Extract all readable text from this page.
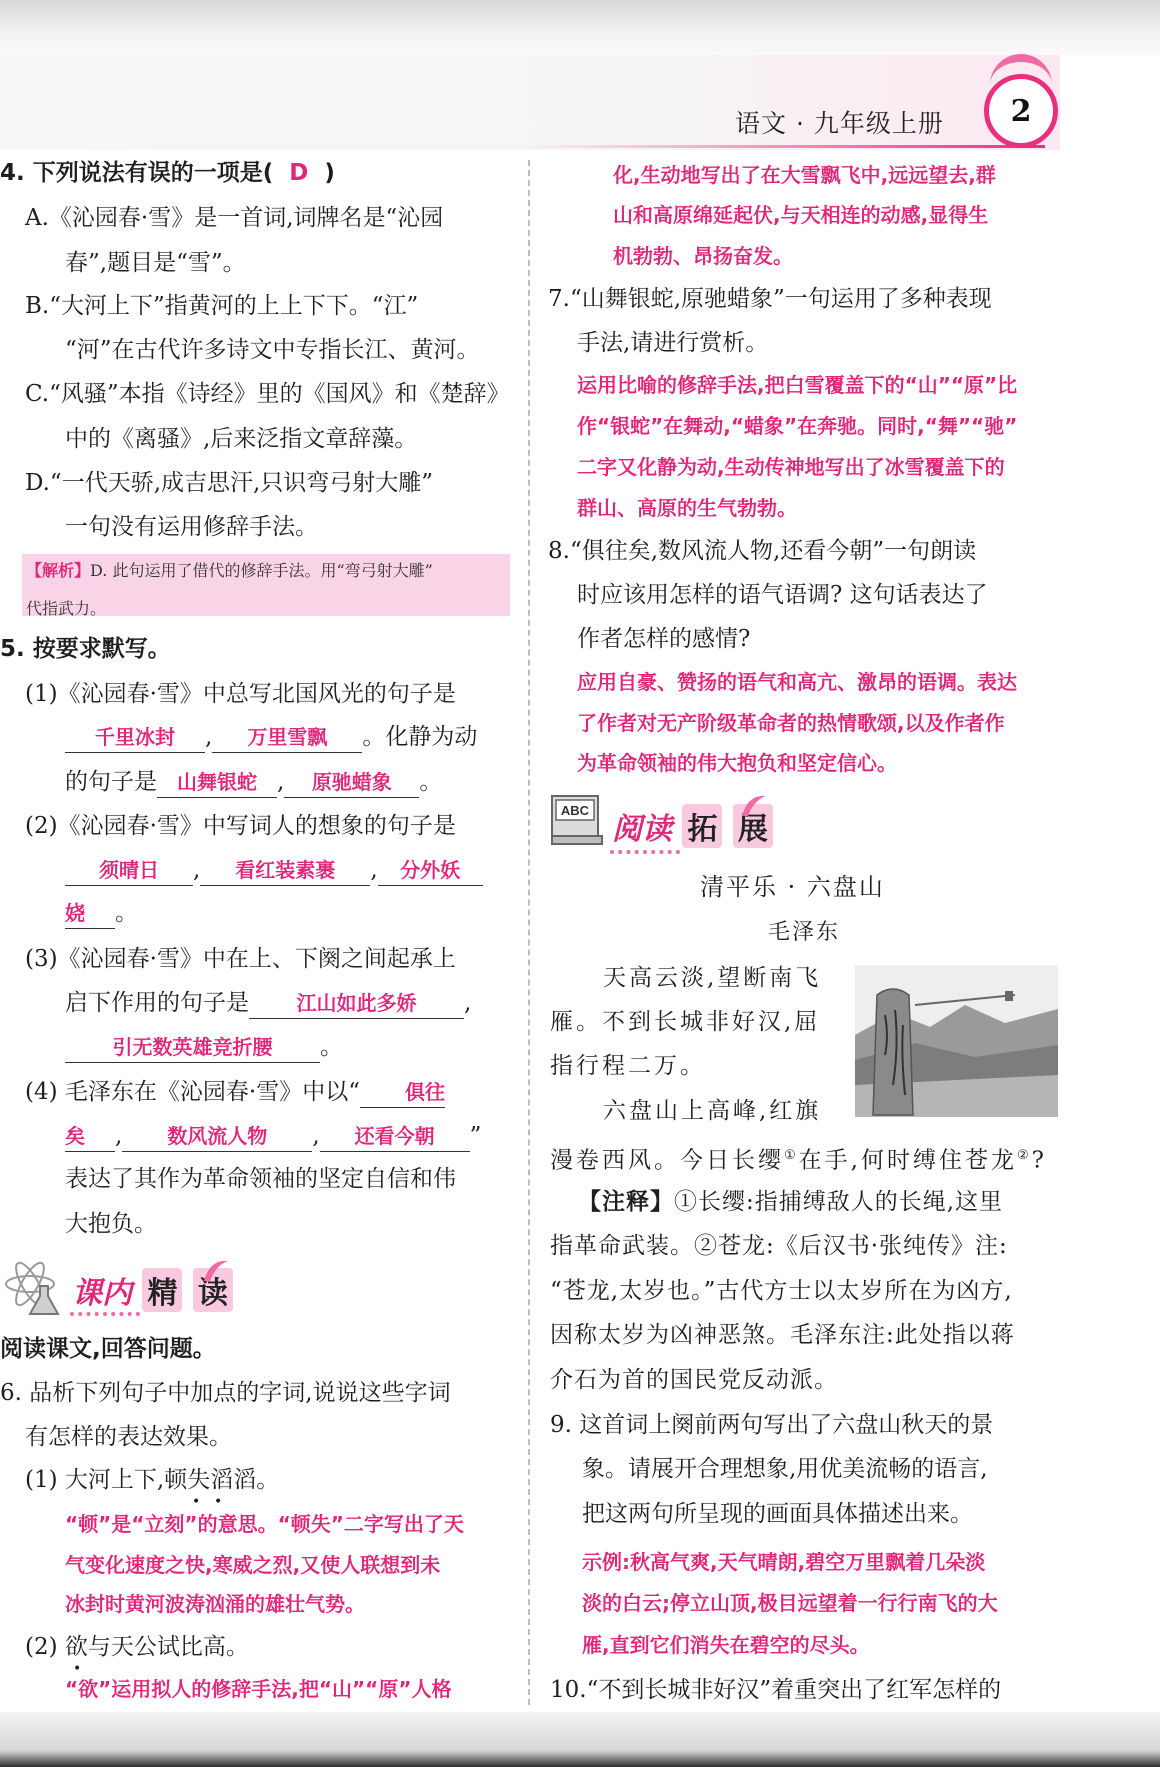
语文 · 九年级上册 2
4. 下列说法有误的一项是( D )
A.《沁园春·雪》是一首词,词牌名是“沁园
春”,题目是“雪”。
B.“大河上下”指黄河的上上下下。“江”
“河”在古代许多诗文中专指长江、黄河。
C.“风骚”本指《诗经》里的《国风》和《楚辞》
中的《离骚》,后来泛指文章辞藻。
D.“一代天骄,成吉思汗,只识弯弓射大雕”
一句没有运用修辞手法。
【解析】D. 此句运用了借代的修辞手法。用“弯弓射大雕”
代指武力。
5. 按要求默写。
(1)《沁园春·雪》中总写北国风光的句子是
千里冰封 , 万里雪飘 。化静为动
的句子是 山舞银蛇 , 原驰蜡象 。
(2)《沁园春·雪》中写词人的想象的句子是
须晴日 , 看红装素裹 , 分外妖
娆 。
(3)《沁园春·雪》中在上、下阕之间起承上
启下作用的句子是 江山如此多娇 ,
引无数英雄竞折腰 。
(4) 毛泽东在《沁园春·雪》中以“ 俱往
矣 , 数风流人物 , 还看今朝 ”
表达了其作为革命领袖的坚定自信和伟
大抱负。
课内 精 读
阅读课文,回答问题。
6. 品析下列句子中加点的字词,说说这些字词
有怎样的表达效果。
(1) 大河上下,顿失滔滔。
• •
“顿”是“立刻”的意思。“顿失”二字写出了天
气变化速度之快,寒威之烈,又使人联想到未
冰封时黄河波涛汹涌的雄壮气势。
(2) 欲与天公试比高。
•
“欲”运用拟人的修辞手法,把“山”“原”人格
化,生动地写出了在大雪飘飞中,远远望去,群
山和高原绵延起伏,与天相连的动感,显得生
机勃勃、昂扬奋发。
7.“山舞银蛇,原驰蜡象”一句运用了多种表现
手法,请进行赏析。
运用比喻的修辞手法,把白雪覆盖下的“山”“原”比
作“银蛇”在舞动,“蜡象”在奔驰。同时,“舞”“驰”
二字又化静为动,生动传神地写出了冰雪覆盖下的
群山、高原的生气勃勃。
8.“俱往矣,数风流人物,还看今朝”一句朗读
时应该用怎样的语气语调? 这句话表达了
作者怎样的感情?
应用自豪、赞扬的语气和高亢、激昂的语调。表达
了作者对无产阶级革命者的热情歌颂,以及作者作
为革命领袖的伟大抱负和坚定信心。
ABC
阅读 拓 展
清平乐 · 六盘山
毛泽东
天高云淡,望断南飞
雁。不到长城非好汉,屈
指行程二万。
六盘山上高峰,红旗
漫卷西风。今日长缨①在手,何时缚住苍龙②?
【注释】①长缨:指捕缚敌人的长绳,这里
指革命武装。②苍龙:《后汉书·张纯传》注:
“苍龙,太岁也。”古代方士以太岁所在为凶方,
因称太岁为凶神恶煞。毛泽东注:此处指以蒋
介石为首的国民党反动派。
9. 这首词上阕前两句写出了六盘山秋天的景
象。请展开合理想象,用优美流畅的语言,
把这两句所呈现的画面具体描述出来。
示例:秋高气爽,天气晴朗,碧空万里飘着几朵淡
淡的白云;停立山顶,极目远望着一行行南飞的大
雁,直到它们消失在碧空的尽头。
10.“不到长城非好汉”着重突出了红军怎样的
